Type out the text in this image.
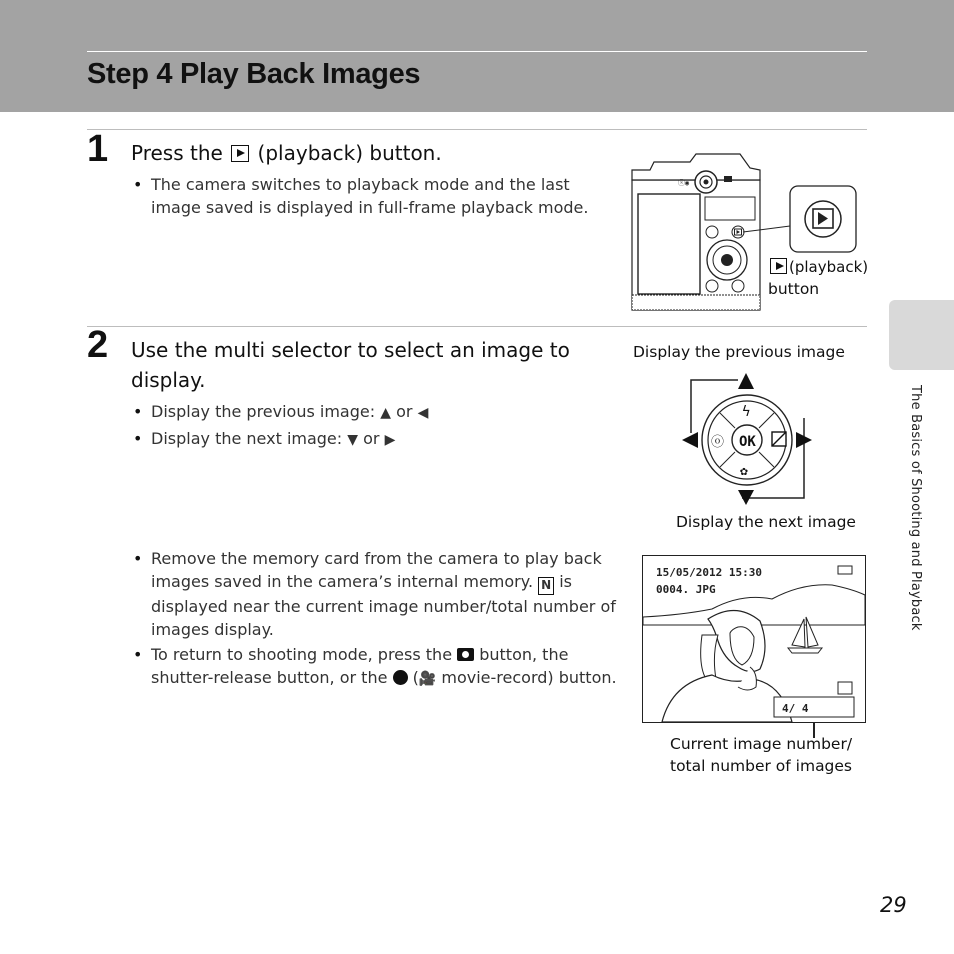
Step 4 Play Back Images
1 Press the (playback) button.
• The camera switches to playback mode and the last image saved is displayed in full-frame playback mode.
ⓢ◉
(playback)
button
2 Use the multi selector to select an image to display.
• Display the previous image: ▲ or ◀
• Display the next image: ▼ or ▶
Display the previous image
OK
ϟ
ⓞ
✿
Display the next image
• Remove the memory card from the camera to play back images saved in the camera’s internal memory. N is displayed near the current image number/total number of images display.
• To return to shooting mode, press the button, the shutter-release button, or the (🎥 movie-record) button.
15/05/2012 15:30
0004. JPG
4/ 4
Current image number/
total number of images
The Basics of Shooting and Playback
29
